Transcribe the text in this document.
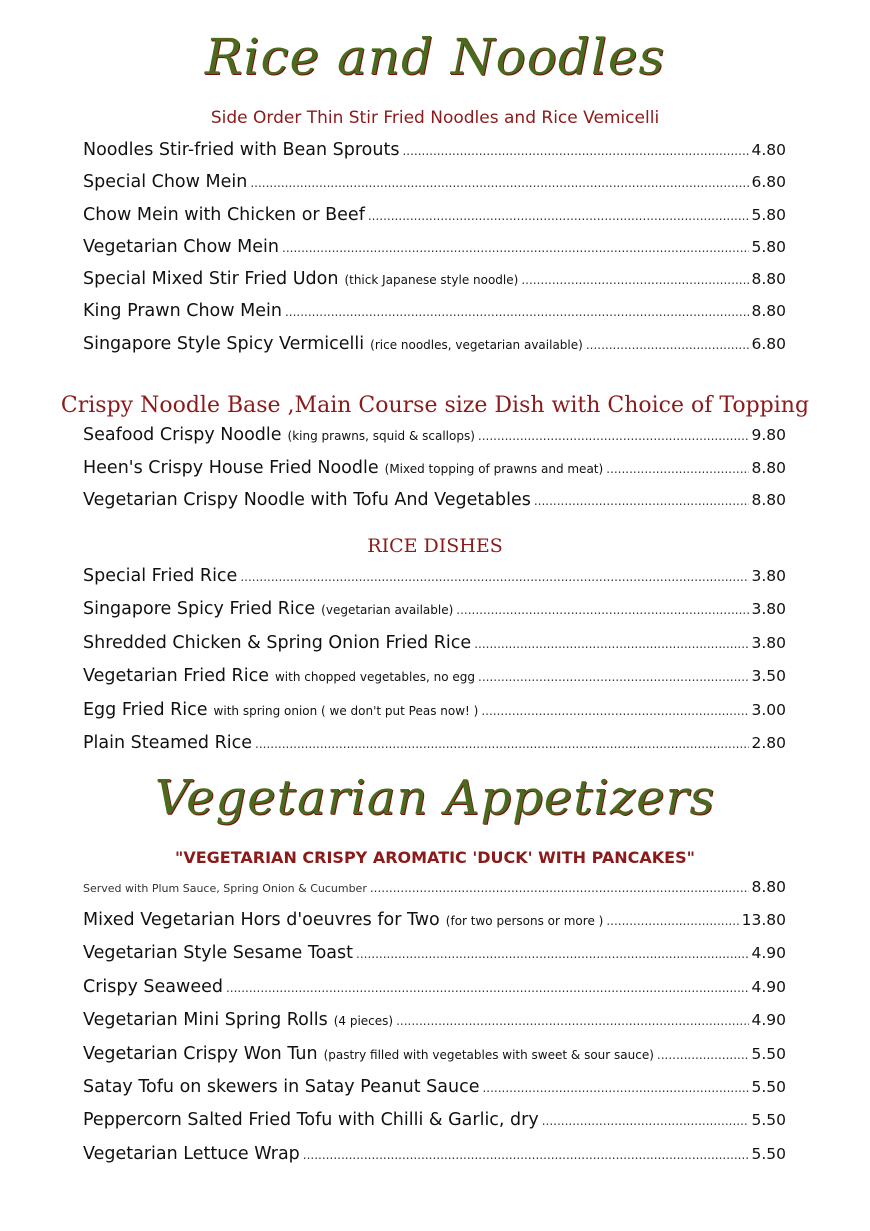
Rice and Noodles
Side Order Thin Stir Fried Noodles and Rice Vemicelli
Noodles Stir-fried with Bean Sprouts .....	4.80
Special Chow Mein .....	6.80
Chow Mein with Chicken or Beef .....	5.80
Vegetarian Chow Mein .....	5.80
Special Mixed Stir Fried Udon (thick Japanese style noodle) .....	8.80
King Prawn Chow Mein .....	8.80
Singapore Style Spicy Vermicelli (rice noodles, vegetarian available) .....	6.80
Crispy Noodle Base ,Main Course size Dish with Choice of Topping
Seafood Crispy Noodle (king prawns, squid & scallops) .....	9.80
Heen's Crispy House Fried Noodle (Mixed topping of prawns and meat) .....	8.80
Vegetarian Crispy Noodle with Tofu And Vegetables .....	8.80
RICE DISHES
Special Fried Rice .....	3.80
Singapore Spicy Fried Rice (vegetarian available) .....	3.80
Shredded Chicken & Spring Onion Fried Rice .....	3.80
Vegetarian Fried Rice with chopped vegetables, no egg .....	3.50
Egg Fried Rice with spring onion ( we don't put Peas now! ) .....	3.00
Plain Steamed Rice .....	2.80
Vegetarian Appetizers
"VEGETARIAN CRISPY AROMATIC 'DUCK' WITH PANCAKES"
Served with Plum Sauce, Spring Onion & Cucumber .....	8.80
Mixed Vegetarian Hors d'oeuvres for Two (for two persons or more ) .....	13.80
Vegetarian Style Sesame Toast .....	4.90
Crispy Seaweed .....	4.90
Vegetarian Mini Spring Rolls (4 pieces) .....	4.90
Vegetarian Crispy Won Tun (pastry filled with vegetables with sweet & sour sauce) .....	5.50
Satay Tofu on skewers in Satay Peanut Sauce .....	5.50
Peppercorn Salted Fried Tofu with Chilli & Garlic, dry .....	5.50
Vegetarian Lettuce Wrap .....	5.50
